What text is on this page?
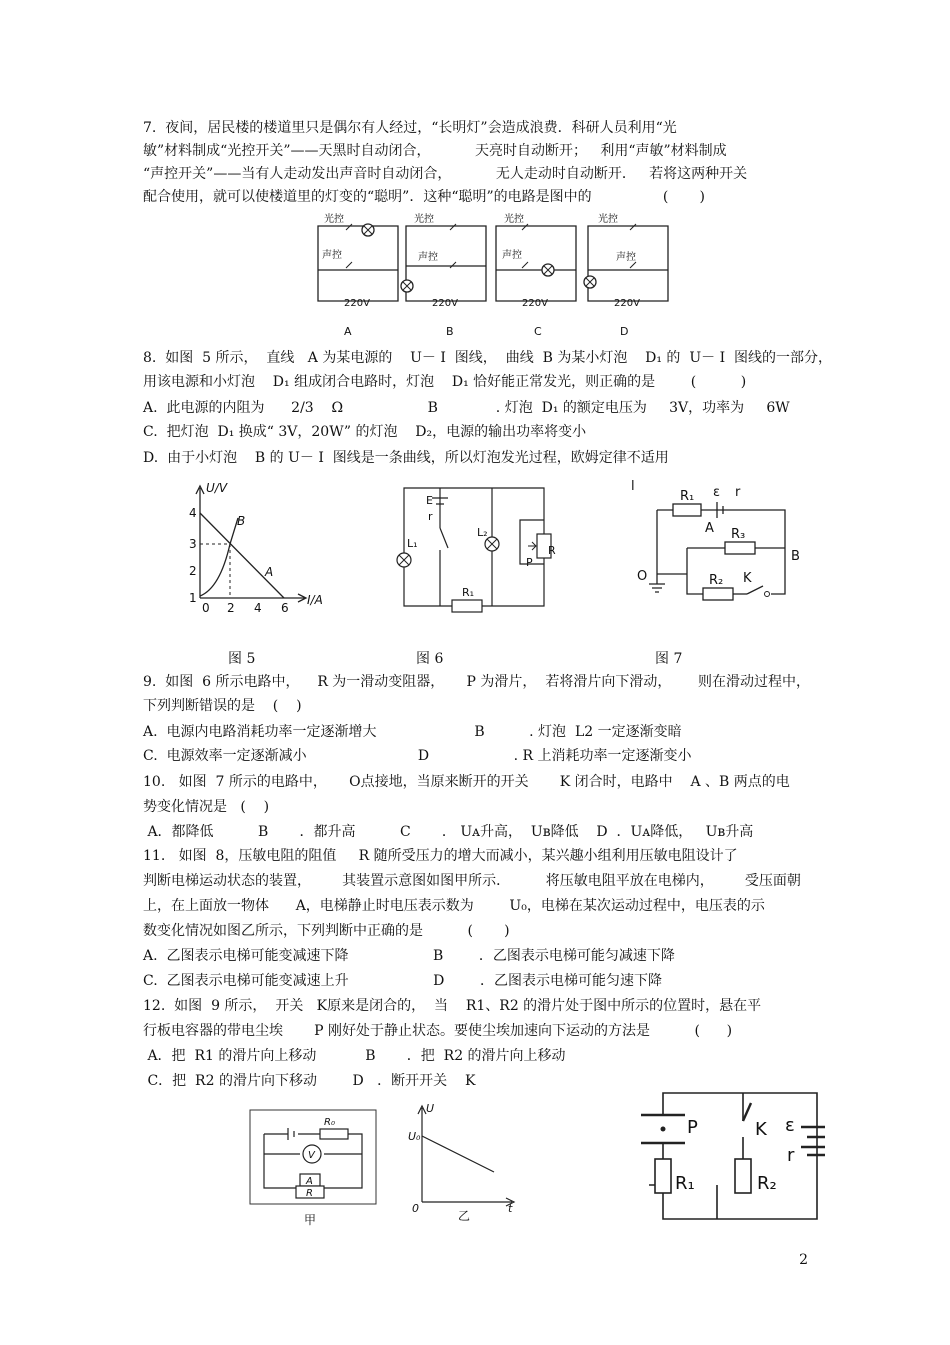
7.  夜间，居民楼的楼道里只是偶尔有人经过，“长明灯”会造成浪费．科研人员利用“光
敏”材料制成“光控开关”——天黑时自动闭合，          天亮时自动断开；   利用“声敏”材料制成
“声控开关”——当有人走动发出声音时自动闭合，          无人走动时自动断开．   若将这两种开关
配合使用，就可以使楼道里的灯变的“聪明”．这种“聪明”的电路是图中的                (       )
光控
声控
220V
光控
声控
220V
光控
声控
220V
光控
声控
220V
A	B	C	D
8.  如图  5 所示，  直线   A 为某电源的    U－ I  图线，  曲线  B 为某小灯泡    D₁ 的  U－ I  图线的一部分，
用该电源和小灯泡    D₁ 组成闭合电路时，灯泡    D₁ 恰好能正常发光，则正确的是        (          )
A.  此电源的内阻为      2/3    Ω                   B             . 灯泡  D₁ 的额定电压为     3V，功率为     6W
C.  把灯泡  D₁ 换成“ 3V，20W” 的灯泡    D₂，电源的输出功率将变小
D.  由于小灯泡    B 的 U－ I  图线是一条曲线，所以灯泡发光过程，欧姆定律不适用
U/V
I/A
0
1
2
3
4
2 4 6
A
B
E
r
L₁
L₂
R₁
R
P
l
R₁ ε r
A R₃
B
O	R₂ K
图 5	图 6	图 7
9.  如图  6 所示电路中，    R 为一滑动变阻器，     P 为滑片，  若将滑片向下滑动，      则在滑动过程中，
下列判断错误的是    (    )
A.  电源内电路消耗功率一定逐渐增大                      B          . 灯泡  L2 一定逐渐变暗
C.  电源效率一定逐渐减小                         D                   . R 上消耗功率一定逐渐变小
10.   如图  7 所示的电路中，     O点接地，当原来断开的开关       K 闭合时，电路中    A 、B 两点的电
势变化情况是   (    )
A．都降低          B       ．都升高          C       ． Uᴀ升高，  Uʙ降低    D  ．Uᴀ降低，   Uʙ升高
11.   如图  8，压敏电阻的阻值     R 随所受压力的增大而减小，某兴趣小组利用压敏电阻设计了
判断电梯运动状态的装置，       其装置示意图如图甲所示．        将压敏电阻平放在电梯内，       受压面朝
上，在上面放一物体      A，电梯静止时电压表示数为        U₀，电梯在某次运动过程中，电压表的示
数变化情况如图乙所示，下列判断中正确的是          (       )
A.  乙图表示电梯可能变减速下降                   B        ．乙图表示电梯可能匀减速下降
C.  乙图表示电梯可能变减速上升                   D        ．乙图表示电梯可能匀速下降
12.  如图  9 所示，  开关   K原来是闭合的，  当    R1、R2 的滑片处于图中所示的位置时，悬在平
行板电容器的带电尘埃       P 刚好处于静止状态。要使尘埃加速向下运动的方法是          (      )
A．把  R1 的滑片向上移动           B       ．把  R2 的滑片向上移动
C．把  R2 的滑片向下移动        D   ．断开开关    K
R₀
V
A
R
甲
U
U₀
0	t
乙
P	K ε
r
R₁	R₂
2
